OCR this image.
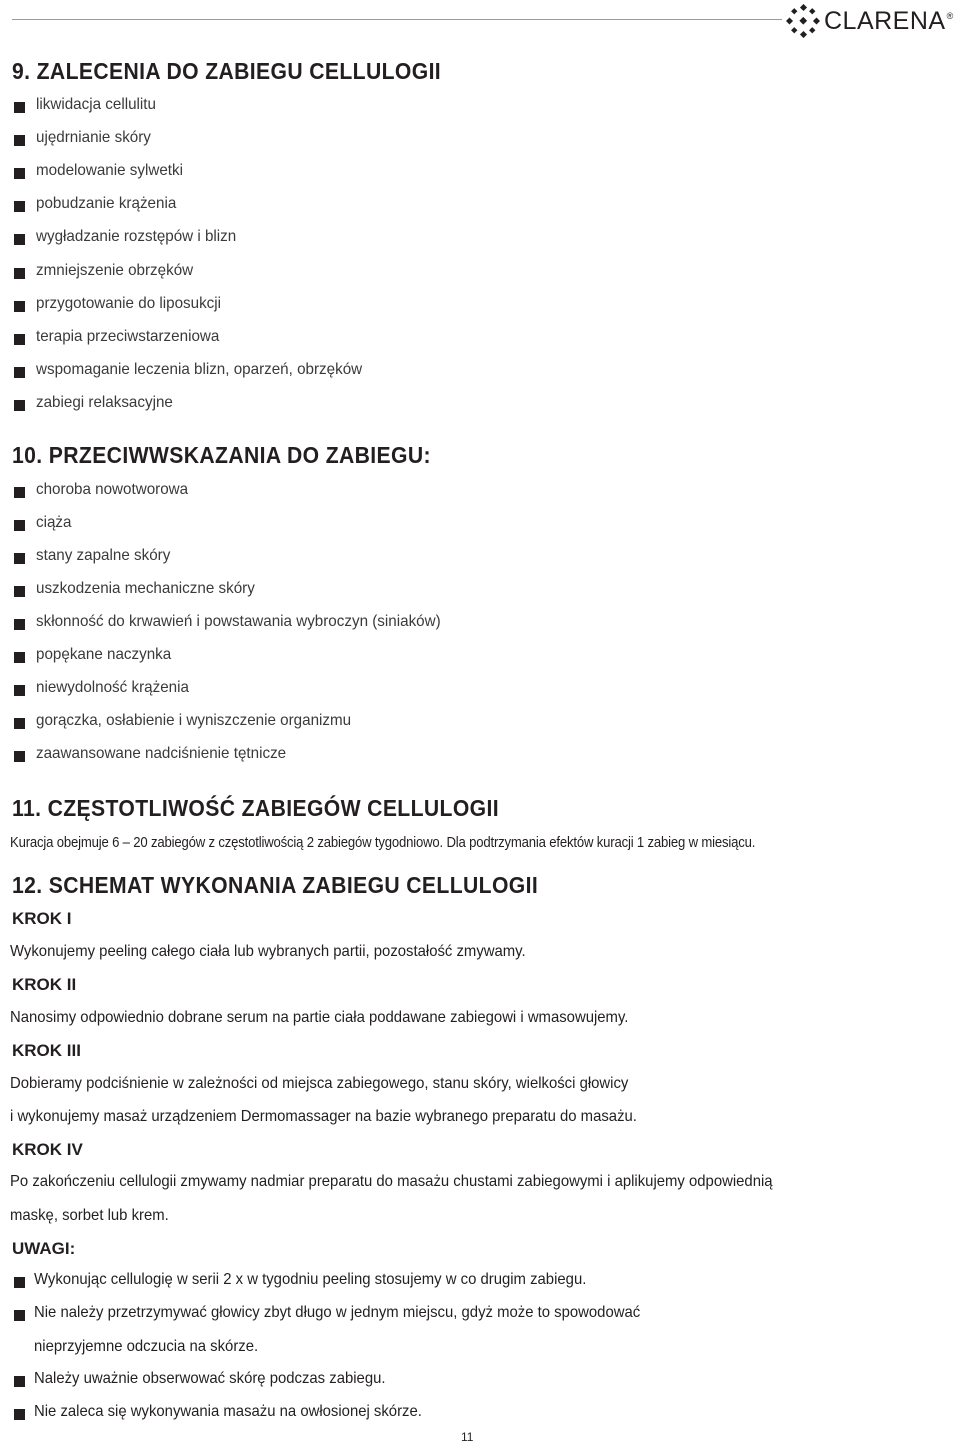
CLARENA®
9. ZALECENIA DO ZABIEGU CELLULOGII
likwidacja cellulitu
ujędrnianie skóry
modelowanie sylwetki
pobudzanie krążenia
wygładzanie rozstępów i blizn
zmniejszenie obrzęków
przygotowanie do liposukcji
terapia przeciwstarzeniowa
wspomaganie leczenia blizn, oparzeń, obrzęków
zabiegi relaksacyjne
10. PRZECIWWSKAZANIA DO ZABIEGU:
choroba nowotworowa
ciąża
stany zapalne skóry
uszkodzenia mechaniczne skóry
skłonność do krwawień i powstawania wybroczyn (siniaków)
popękane naczynka
niewydolność krążenia
gorączka, osłabienie i wyniszczenie organizmu
zaawansowane nadciśnienie tętnicze
11. CZĘSTOTLIWOŚĆ ZABIEGÓW CELLULOGII
Kuracja obejmuje 6 – 20 zabiegów z częstotliwością 2 zabiegów tygodniowo. Dla podtrzymania efektów kuracji 1 zabieg w miesiącu.
12. SCHEMAT WYKONANIA ZABIEGU CELLULOGII
KROK I
Wykonujemy peeling całego ciała lub wybranych partii, pozostałość zmywamy.
KROK II
Nanosimy odpowiednio dobrane serum na partie ciała poddawane zabiegowi i wmasowujemy.
KROK III
Dobieramy podciśnienie w zależności od miejsca zabiegowego, stanu skóry, wielkości głowicy
i wykonujemy masaż urządzeniem Dermomassager na bazie wybranego preparatu do masażu.
KROK IV
Po zakończeniu cellulogii zmywamy nadmiar preparatu do masażu chustami zabiegowymi i aplikujemy odpowiednią
maskę, sorbet lub krem.
UWAGI:
Wykonując cellulogię w serii 2 x w tygodniu peeling stosujemy w co drugim zabiegu.
Nie należy przetrzymywać głowicy zbyt długo w jednym miejscu, gdyż może to spowodować
nieprzyjemne odczucia na skórze.
Należy uważnie obserwować skórę podczas zabiegu.
Nie zaleca się wykonywania masażu na owłosionej skórze.
11
